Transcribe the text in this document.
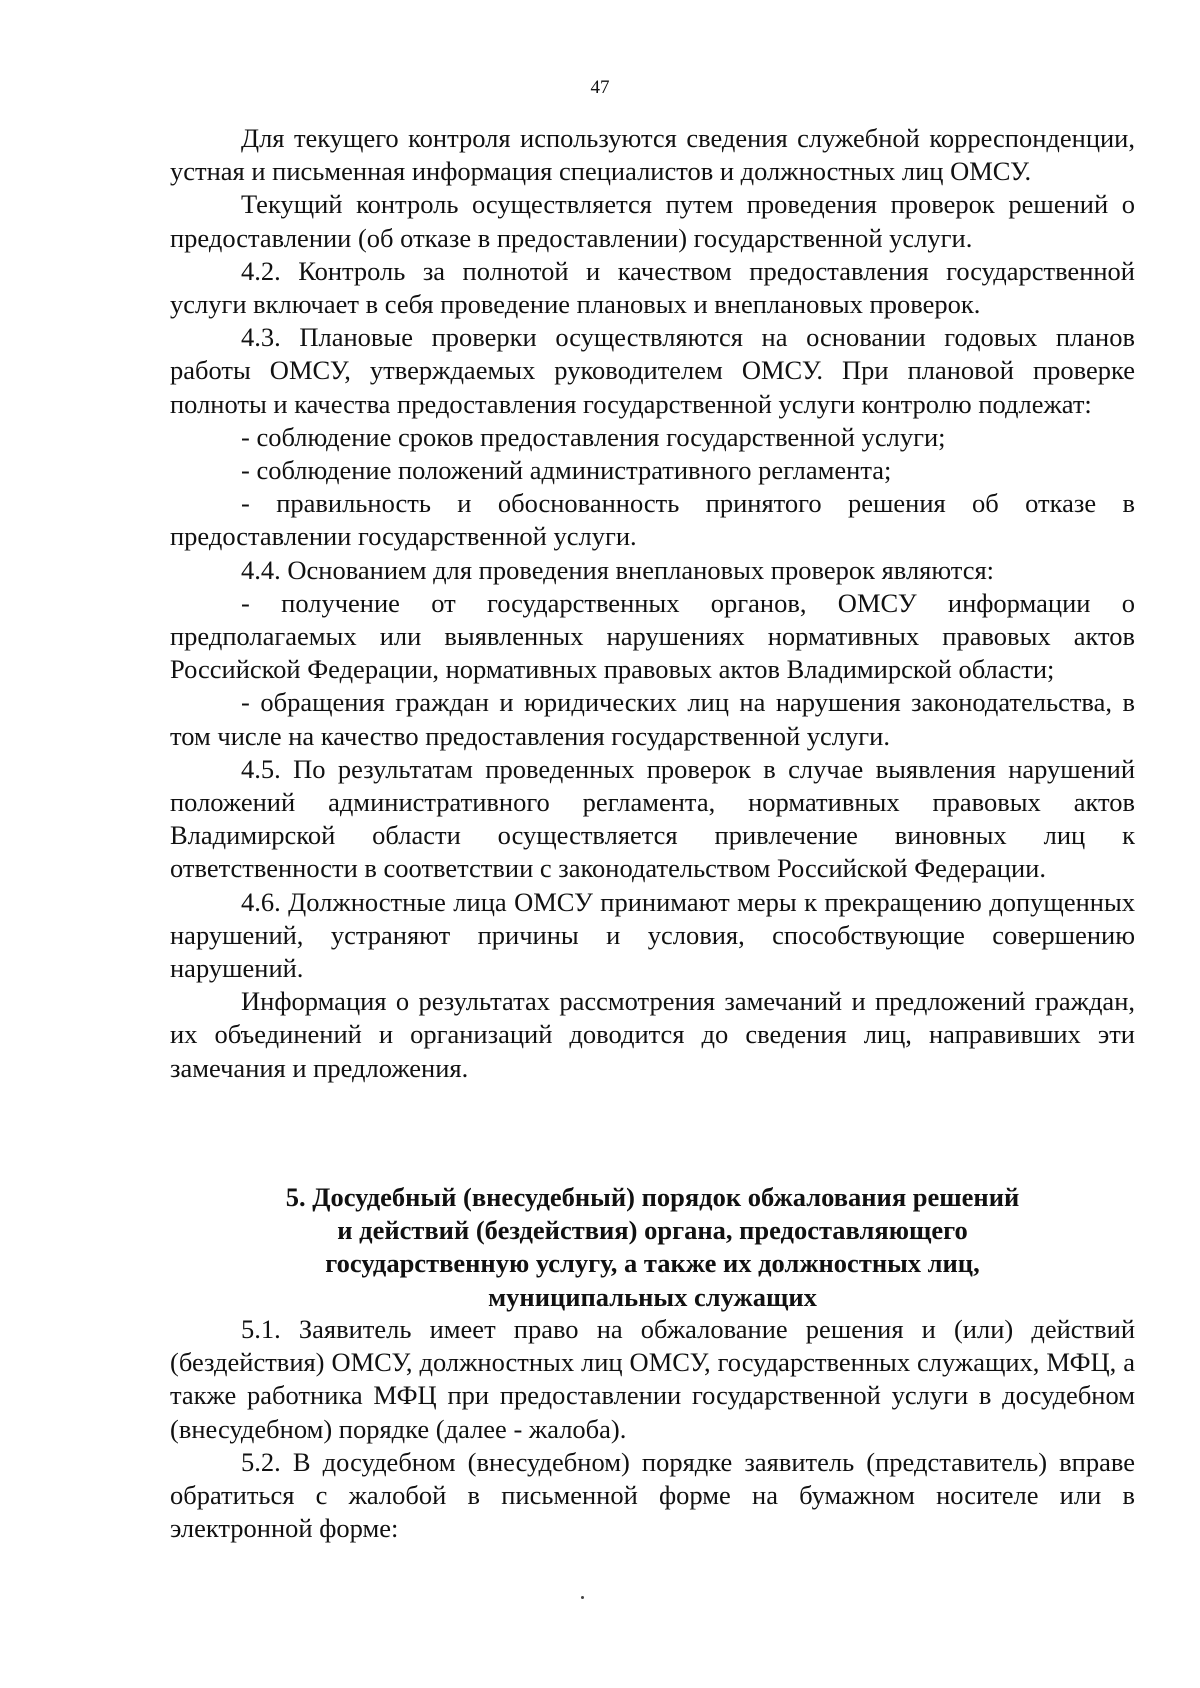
47

Для текущего контроля используются сведения служебной корреспонденции, устная и письменная информация специалистов и должностных лиц ОМСУ.

Текущий контроль осуществляется путем проведения проверок решений о предоставлении (об отказе в предоставлении) государственной услуги.

4.2. Контроль за полнотой и качеством предоставления государственной услуги включает в себя проведение плановых и внеплановых проверок.

4.3. Плановые проверки осуществляются на основании годовых планов работы ОМСУ, утверждаемых руководителем ОМСУ. При плановой проверке полноты и качества предоставления государственной услуги контролю подлежат:

- соблюдение сроков предоставления государственной услуги;

- соблюдение положений административного регламента;

- правильность и обоснованность принятого решения об отказе в предоставлении государственной услуги.

4.4. Основанием для проведения внеплановых проверок являются:

- получение от государственных органов, ОМСУ информации о предполагаемых или выявленных нарушениях нормативных правовых актов Российской Федерации, нормативных правовых актов Владимирской области;

- обращения граждан и юридических лиц на нарушения законодательства, в том числе на качество предоставления государственной услуги.

4.5. По результатам проведенных проверок в случае выявления нарушений положений административного регламента, нормативных правовых актов Владимирской области осуществляется привлечение виновных лиц к ответственности в соответствии с законодательством Российской Федерации.

4.6. Должностные лица ОМСУ принимают меры к прекращению допущенных нарушений, устраняют причины и условия, способствующие совершению нарушений.

Информация о результатах рассмотрения замечаний и предложений граждан, их объединений и организаций доводится до сведения лиц, направивших эти замечания и предложения.

5. Досудебный (внесудебный) порядок обжалования решений
и действий (бездействия) органа, предоставляющего
государственную услугу, а также их должностных лиц,
муниципальных служащих

5.1. Заявитель имеет право на обжалование решения и (или) действий (бездействия) ОМСУ, должностных лиц ОМСУ, государственных служащих, МФЦ, а также работника МФЦ при предоставлении государственной услуги в досудебном (внесудебном) порядке (далее - жалоба).

5.2. В досудебном (внесудебном) порядке заявитель (представитель) вправе обратиться с жалобой в письменной форме на бумажном носителе или в электронной форме:
